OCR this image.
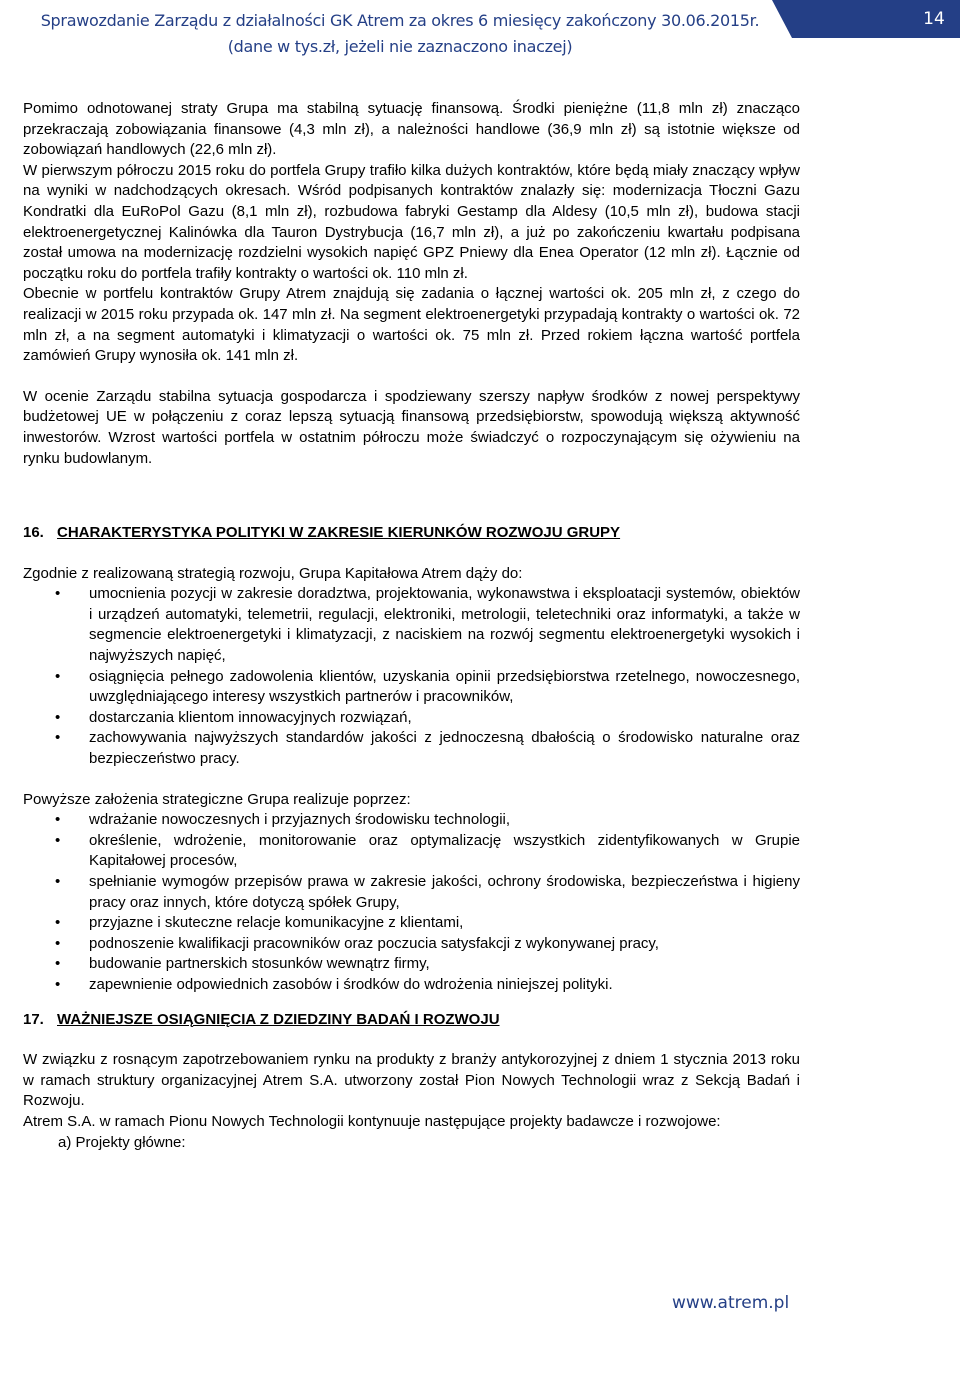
Sprawozdanie Zarządu z działalności GK Atrem za okres 6 miesięcy zakończony 30.06.2015r.
(dane w tys.zł, jeżeli nie zaznaczono inaczej)
14

Pomimo odnotowanej straty Grupa ma stabilną sytuację finansową. Środki pieniężne (11,8 mln zł) znacząco przekraczają zobowiązania finansowe (4,3 mln zł), a należności handlowe (36,9 mln zł) są istotnie większe od zobowiązań handlowych (22,6 mln zł).

W pierwszym półroczu 2015 roku do portfela Grupy trafiło kilka dużych kontraktów, które będą miały znaczący wpływ na wyniki w nadchodzących okresach. Wśród podpisanych kontraktów znalazły się: modernizacja Tłoczni Gazu Kondratki dla EuRoPol Gazu (8,1 mln zł), rozbudowa fabryki Gestamp dla Aldesy (10,5 mln zł), budowa stacji elektroenergetycznej Kalinówka dla Tauron Dystrybucja (16,7 mln zł), a już po zakończeniu kwartału podpisana został umowa na modernizację rozdzielni wysokich napięć GPZ Pniewy dla Enea Operator (12 mln zł). Łącznie od początku roku do portfela trafiły kontrakty o wartości ok. 110 mln zł.

Obecnie w portfelu kontraktów Grupy Atrem znajdują się zadania o łącznej wartości ok. 205 mln zł, z czego do realizacji w 2015 roku przypada ok. 147 mln zł. Na segment elektroenergetyki przypadają kontrakty o wartości ok. 72 mln zł, a na segment automatyki i klimatyzacji o wartości ok. 75 mln zł. Przed rokiem łączna wartość portfela zamówień Grupy wynosiła ok. 141 mln zł.

W ocenie Zarządu stabilna sytuacja gospodarcza i spodziewany szerszy napływ środków z nowej perspektywy budżetowej UE w połączeniu z coraz lepszą sytuacją finansową przedsiębiorstw, spowodują większą aktywność inwestorów. Wzrost wartości portfela w ostatnim półroczu może świadczyć o rozpoczynającym się ożywieniu na rynku budowlanym.

16. CHARAKTERYSTYKA POLITYKI W ZAKRESIE KIERUNKÓW ROZWOJU GRUPY

Zgodnie z realizowaną strategią rozwoju, Grupa Kapitałowa Atrem dąży do:

• umocnienia pozycji w zakresie doradztwa, projektowania, wykonawstwa i eksploatacji systemów, obiektów i urządzeń automatyki, telemetrii, regulacji, elektroniki, metrologii, teletechniki oraz informatyki, a także w segmencie elektroenergetyki i klimatyzacji, z naciskiem na rozwój segmentu elektroenergetyki wysokich i najwyższych napięć,
• osiągnięcia pełnego zadowolenia klientów, uzyskania opinii przedsiębiorstwa rzetelnego, nowoczesnego, uwzględniającego interesy wszystkich partnerów i pracowników,
• dostarczania klientom innowacyjnych rozwiązań,
• zachowywania najwyższych standardów jakości z jednoczesną dbałością o środowisko naturalne oraz bezpieczeństwo pracy.

Powyższe założenia strategiczne Grupa realizuje poprzez:

• wdrażanie nowoczesnych i przyjaznych środowisku technologii,
• określenie, wdrożenie, monitorowanie oraz optymalizację wszystkich zidentyfikowanych w Grupie Kapitałowej procesów,
• spełnianie wymogów przepisów prawa w zakresie jakości, ochrony środowiska, bezpieczeństwa i higieny pracy oraz innych, które dotyczą spółek Grupy,
• przyjazne i skuteczne relacje komunikacyjne z klientami,
• podnoszenie kwalifikacji pracowników oraz poczucia satysfakcji z wykonywanej pracy,
• budowanie partnerskich stosunków wewnątrz firmy,
• zapewnienie odpowiednich zasobów i środków do wdrożenia niniejszej polityki.

17. WAŻNIEJSZE OSIĄGNIĘCIA Z DZIEDZINY BADAŃ I ROZWOJU

W związku z rosnącym zapotrzebowaniem rynku na produkty z branży antykorozyjnej z dniem 1 stycznia 2013 roku w ramach struktury organizacyjnej Atrem S.A. utworzony został Pion Nowych Technologii wraz z Sekcją Badań i Rozwoju.

Atrem S.A. w ramach Pionu Nowych Technologii kontynuuje następujące projekty badawcze i rozwojowe:

a) Projekty główne:

www.atrem.pl
